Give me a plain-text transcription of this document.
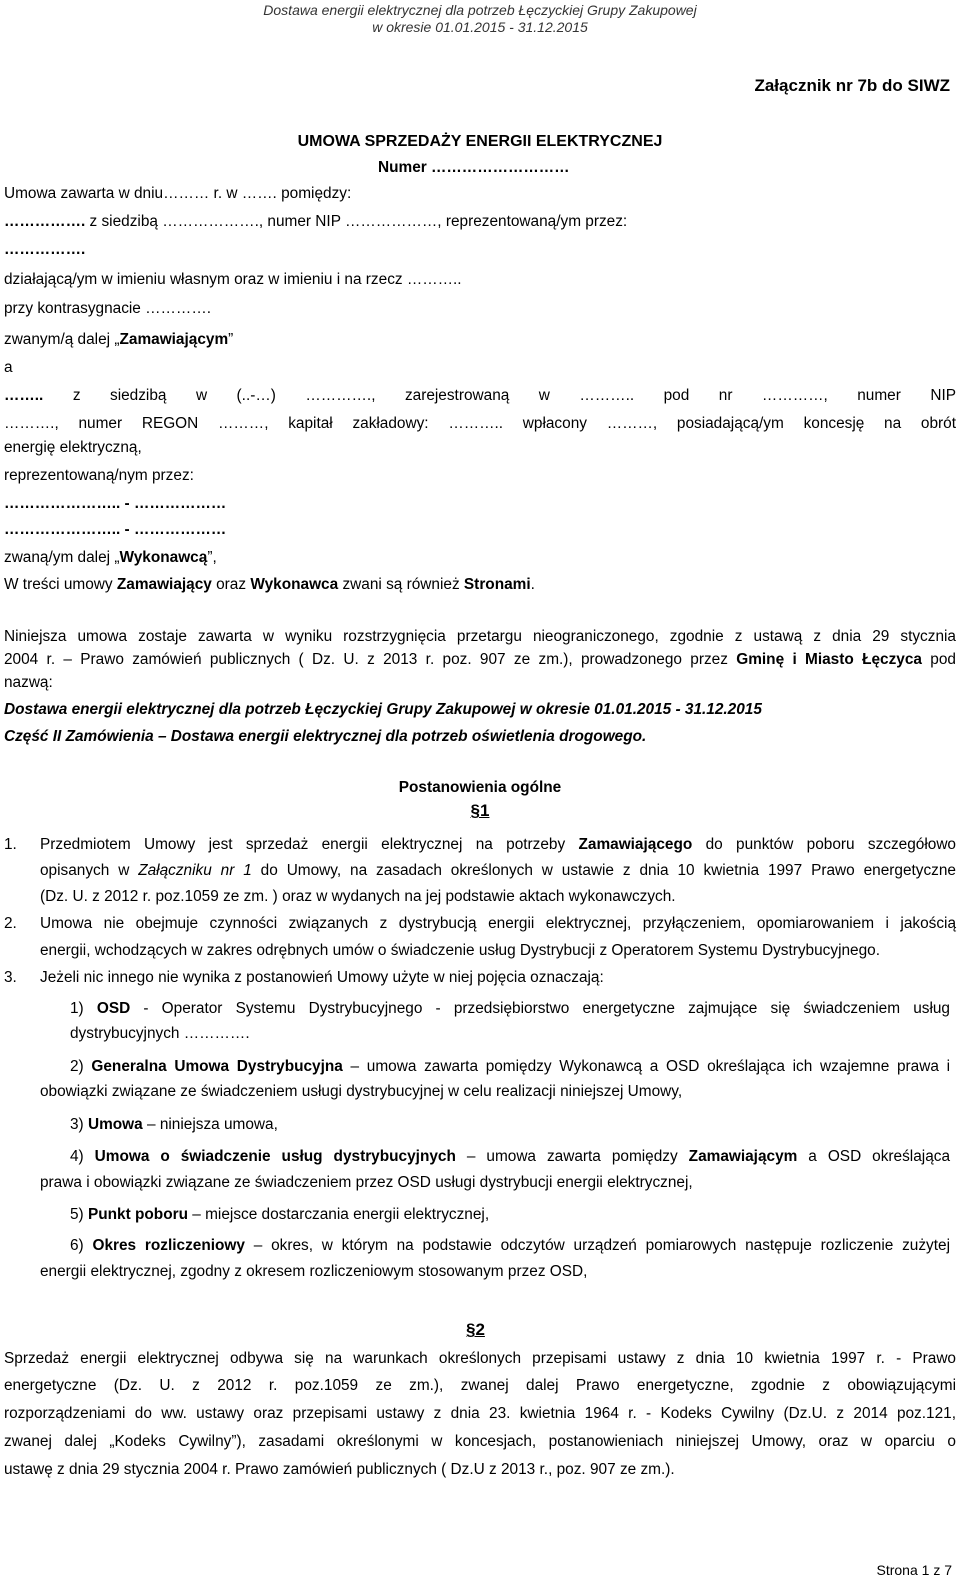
Dostawa energii elektrycznej dla potrzeb Łęczyckiej Grupy Zakupowej
w okresie 01.01.2015 - 31.12.2015
Załącznik nr 7b do SIWZ
UMOWA SPRZEDAŻY ENERGII ELEKTRYCZNEJ
Numer ………………………
Umowa zawarta w dniu……… r. w ……. pomiędzy:
……………. z siedzibą ………………., numer NIP ………………, reprezentowaną/ym przez:
…………….
działającą/ym w imieniu własnym oraz w imieniu i na rzecz ………..
przy kontrasygnacie ………….
zwanym/ą dalej „Zamawiającym”
a
…….. z siedzibą w (..-…) …………., zarejestrowaną w ……….. pod nr …………, numer NIP
………., numer REGON ………, kapitał zakładowy: ……….. wpłacony ………, posiadającą/ym koncesję na obrót
energię elektryczną,
reprezentowaną/nym przez:
………………….. - ………………
………………….. - ………………
zwaną/ym dalej „Wykonawcą”,
W treści umowy Zamawiający oraz Wykonawca zwani są również Stronami.
Niniejsza umowa zostaje zawarta w wyniku rozstrzygnięcia przetargu nieograniczonego, zgodnie z ustawą z dnia 29 stycznia
2004 r. – Prawo zamówień publicznych ( Dz. U. z 2013 r. poz. 907 ze zm.), prowadzonego przez Gminę i Miasto Łęczyca pod
nazwą:
Dostawa energii elektrycznej dla potrzeb Łęczyckiej Grupy Zakupowej w okresie 01.01.2015 - 31.12.2015
Część II Zamówienia – Dostawa energii elektrycznej dla potrzeb oświetlenia drogowego.
Postanowienia ogólne
§1
1.	Przedmiotem Umowy jest sprzedaż energii elektrycznej na potrzeby Zamawiającego do punktów poboru szczegółowo
opisanych w Załączniku nr 1 do Umowy, na zasadach określonych w ustawie z dnia 10 kwietnia 1997 Prawo energetyczne
(Dz. U. z 2012 r. poz.1059 ze zm. ) oraz w wydanych na jej podstawie aktach wykonawczych.
2.	Umowa nie obejmuje czynności związanych z dystrybucją energii elektrycznej, przyłączeniem, opomiarowaniem i jakością
energii, wchodzących w zakres odrębnych umów o świadczenie usług Dystrybucji z Operatorem Systemu Dystrybucyjnego.
3.	Jeżeli nic innego nie wynika z postanowień Umowy użyte w niej pojęcia oznaczają:
1) OSD - Operator Systemu Dystrybucyjnego - przedsiębiorstwo energetyczne zajmujące się świadczeniem usług
dystrybucyjnych ………….
2) Generalna Umowa Dystrybucyjna – umowa zawarta pomiędzy Wykonawcą a OSD określająca ich wzajemne prawa i
obowiązki związane ze świadczeniem usługi dystrybucyjnej w celu realizacji niniejszej Umowy,
3) Umowa – niniejsza umowa,
4) Umowa o świadczenie usług dystrybucyjnych – umowa zawarta pomiędzy Zamawiającym a OSD określająca
prawa i obowiązki związane ze świadczeniem przez OSD usługi dystrybucji energii elektrycznej,
5) Punkt poboru – miejsce dostarczania energii elektrycznej,
6) Okres rozliczeniowy – okres, w którym na podstawie odczytów urządzeń pomiarowych następuje rozliczenie zużytej
energii elektrycznej, zgodny z okresem rozliczeniowym stosowanym przez OSD,
§2
Sprzedaż energii elektrycznej odbywa się na warunkach określonych przepisami ustawy z dnia 10 kwietnia 1997 r. - Prawo
energetyczne (Dz. U. z 2012 r. poz.1059 ze zm.), zwanej dalej Prawo energetyczne, zgodnie z obowiązującymi
rozporządzeniami do ww. ustawy oraz przepisami ustawy z dnia 23. kwietnia 1964 r. - Kodeks Cywilny (Dz.U. z 2014 poz.121,
zwanej dalej „Kodeks Cywilny”), zasadami określonymi w koncesjach, postanowieniach niniejszej Umowy, oraz w oparciu o
ustawę z dnia 29 stycznia 2004 r. Prawo zamówień publicznych ( Dz.U z 2013 r., poz. 907 ze zm.).
Strona 1 z 7
